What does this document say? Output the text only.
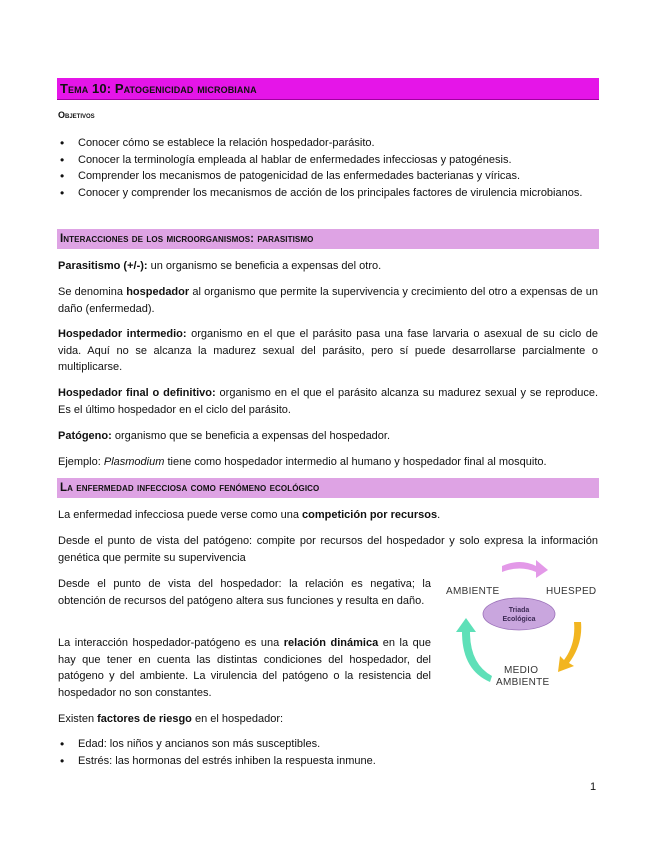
Tema 10: Patogenicidad microbiana
Objetivos
• Conocer cómo se establece la relación hospedador-parásito.
• Conocer la terminología empleada al hablar de enfermedades infecciosas y patogénesis.
• Comprender los mecanismos de patogenicidad de las enfermedades bacterianas y víricas.
• Conocer y comprender los mecanismos de acción de los principales factores de virulencia microbianos.
Interacciones de los microorganismos: parasitismo
Parasitismo (+/-): un organismo se beneficia a expensas del otro.
Se denomina hospedador al organismo que permite la supervivencia y crecimiento del otro a expensas de un daño (enfermedad).
Hospedador intermedio: organismo en el que el parásito pasa una fase larvaria o asexual de su ciclo de vida. Aquí no se alcanza la madurez sexual del parásito, pero sí puede desarrollarse parcialmente o multiplicarse.
Hospedador final o definitivo: organismo en el que el parásito alcanza su madurez sexual y se reproduce. Es el último hospedador en el ciclo del parásito.
Patógeno: organismo que se beneficia a expensas del hospedador.
Ejemplo: Plasmodium tiene como hospedador intermedio al humano y hospedador final al mosquito.
La enfermedad infecciosa como fenómeno ecológico
La enfermedad infecciosa puede verse como una competición por recursos.
Desde el punto de vista del patógeno: compite por recursos del hospedador y solo expresa la información genética que permite su supervivencia
Desde el punto de vista del hospedador: la relación es negativa; la obtención de recursos del patógeno altera sus funciones y resulta en daño.
La interacción hospedador-patógeno es una relación dinámica en la que hay que tener en cuenta las distintas condiciones del hospedador, del patógeno y del ambiente. La virulencia del patógeno o la resistencia del hospedador no son constantes.
Existen factores de riesgo en el hospedador:
• Edad: los niños y ancianos son más susceptibles.
• Estrés: las hormonas del estrés inhiben la respuesta inmune.
AMBIENTE	HUESPED
MEDIO
AMBIENTE
Triada
Ecológica
1
